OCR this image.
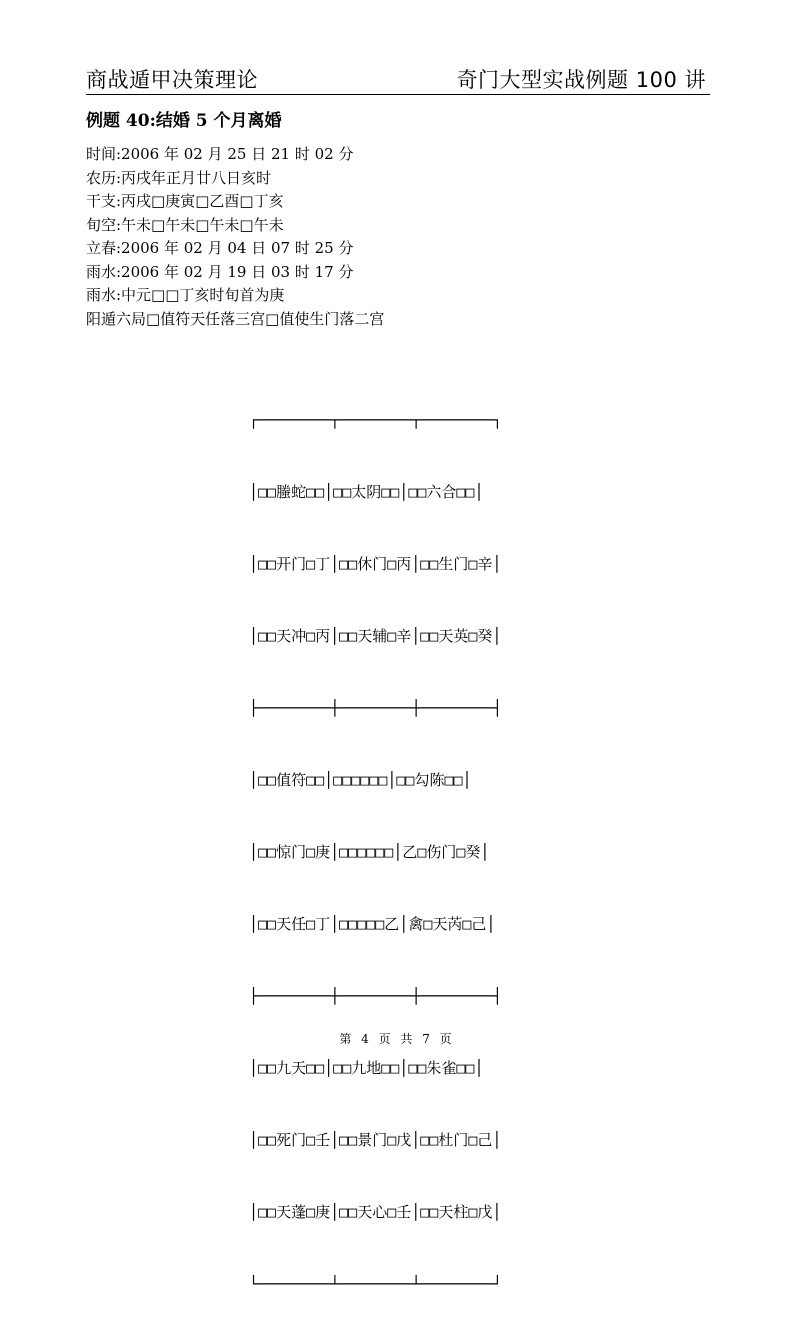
商战遁甲决策理论	奇门大型实战例题 100 讲
例题 40:结婚 5 个月离婚
时间:2006 年 02 月 25 日 21 时 02 分
农历:丙戌年正月廿八日亥时
干支:丙戌□庚寅□乙酉□丁亥
旬空:午未□午未□午未□午未
立春:2006 年 02 月 04 日 07 时 25 分
雨水:2006 年 02 月 19 日 03 时 17 分
雨水:中元□□丁亥时旬首为庚
阳遁六局□值符天任落三宫□值使生门落二宫

┌────────┬────────┬────────┐

│□□螣蛇□□│□□太阴□□│□□六合□□│

│□□开门□丁│□□休门□丙│□□生门□辛│

│□□天冲□丙│□□天辅□辛│□□天英□癸│

├────────┼────────┼────────┤

│□□值符□□│□□□□□□│□□勾陈□□│

│□□惊门□庚│□□□□□□│乙□伤门□癸│

│□□天任□丁│□□□□□乙│禽□天芮□己│

├────────┼────────┼────────┤

│□□九天□□│□□九地□□│□□朱雀□□│

│□□死门□壬│□□景门□戊│□□杜门□己│

│□□天蓬□庚│□□天心□壬│□□天柱□戊│

└────────┴────────┴────────┘

第 4 页 共 7 页
